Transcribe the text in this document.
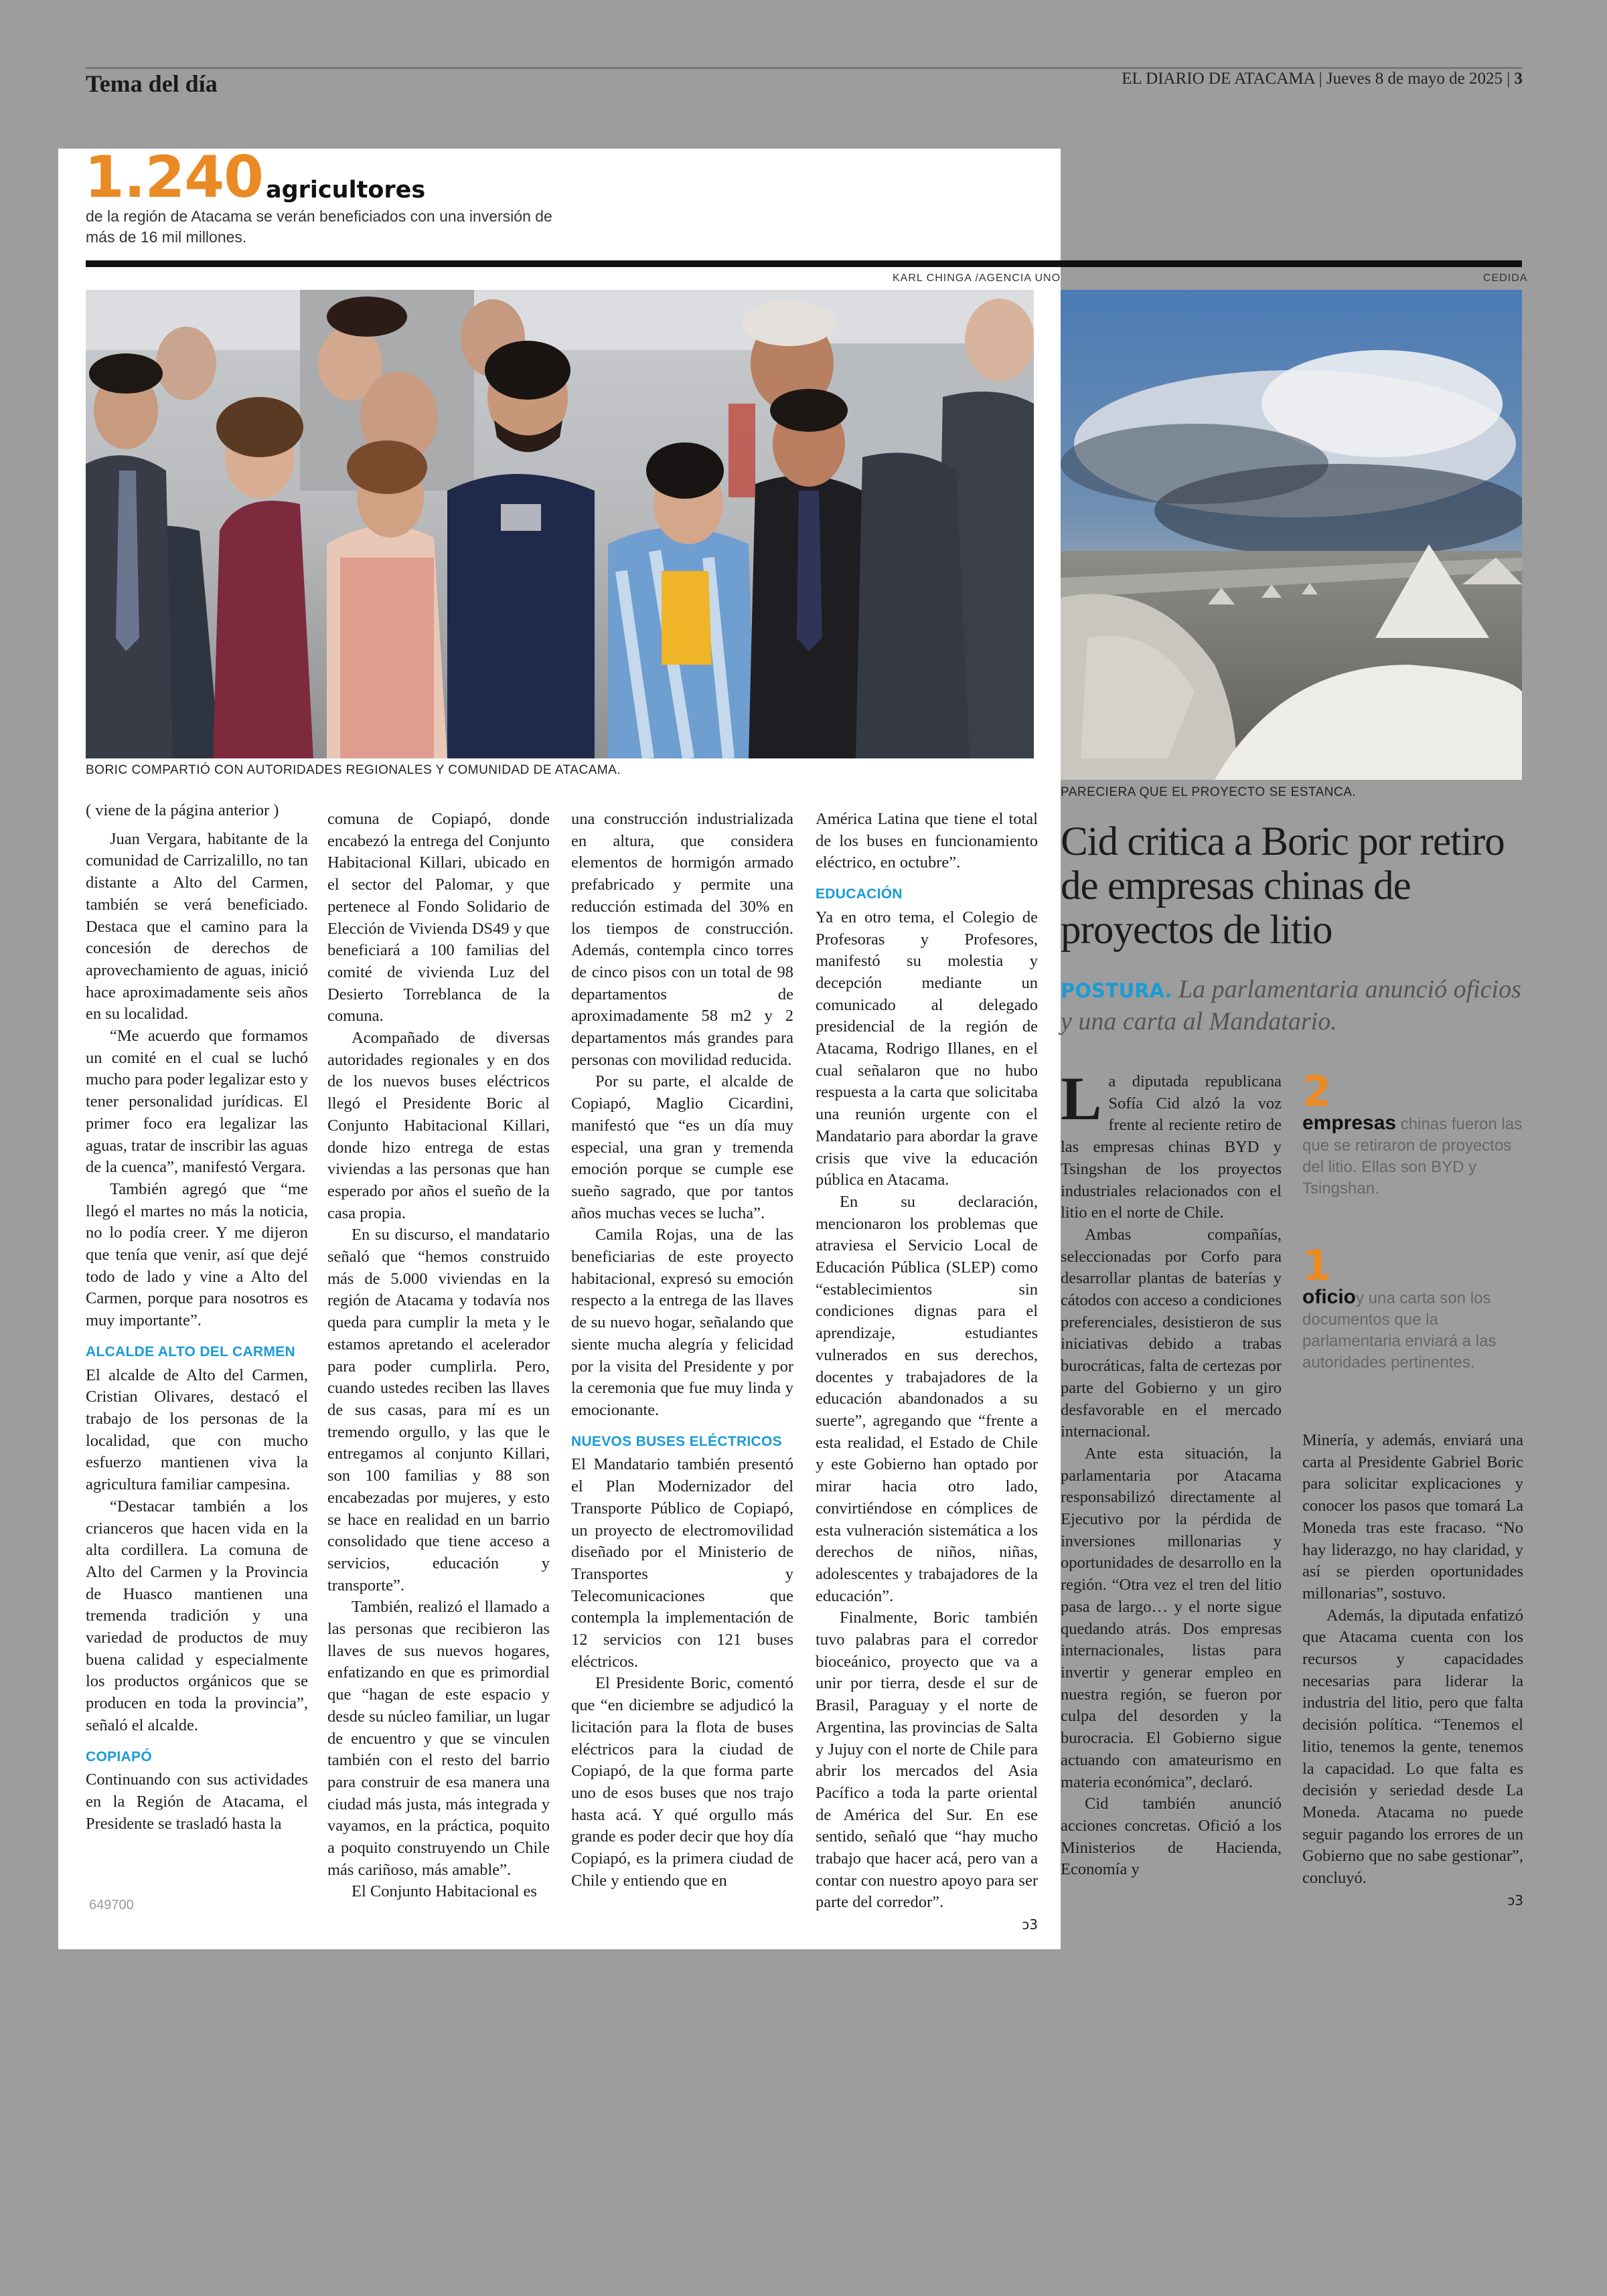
Tema del día	EL DIARIO DE ATACAMA | Jueves 8 de mayo de 2025 | 3
1.240 agricultores
de la región de Atacama se verán beneficiados con una inversión de más de 16 mil millones.
KARL CHINGA /AGENCIA UNO
BORIC COMPARTIÓ CON AUTORIDADES REGIONALES Y COMUNIDAD DE ATACAMA.
CEDIDA
PARECIERA QUE EL PROYECTO SE ESTANCA.

( viene de la página anterior )

Juan Vergara, habitante de la comunidad de Carrizalillo, no tan distante a Alto del Carmen, también se verá beneficiado. Destaca que el camino para la concesión de derechos de aprovechamiento de aguas, inició hace aproximadamente seis años en su localidad.

“Me acuerdo que formamos un comité en el cual se luchó mucho para poder legalizar esto y tener personalidad jurídicas. El primer foco era legalizar las aguas, tratar de inscribir las aguas de la cuenca”, manifestó Vergara.

También agregó que “me llegó el martes no más la noticia, no lo podía creer. Y me dijeron que tenía que venir, así que dejé todo de lado y vine a Alto del Carmen, porque para nosotros es muy importante”.

ALCALDE ALTO DEL CARMEN

El alcalde de Alto del Carmen, Cristian Olivares, destacó el trabajo de los personas de la localidad, que con mucho esfuerzo mantienen viva la agricultura familiar campesina.

“Destacar también a los crianceros que hacen vida en la alta cordillera. La comuna de Alto del Carmen y la Provincia de Huasco mantienen una tremenda tradición y una variedad de productos de muy buena calidad y especialmente los productos orgánicos que se producen en toda la provincia”, señaló el alcalde.

COPIAPÓ

Continuando con sus actividades en la Región de Atacama, el Presidente se trasladó hasta la

comuna de Copiapó, donde encabezó la entrega del Conjunto Habitacional Killari, ubicado en el sector del Palomar, y que pertenece al Fondo Solidario de Elección de Vivienda DS49 y que beneficiará a 100 familias del comité de vivienda Luz del Desierto Torreblanca de la comuna.

Acompañado de diversas autoridades regionales y en dos de los nuevos buses eléctricos llegó el Presidente Boric al Conjunto Habitacional Killari, donde hizo entrega de estas viviendas a las personas que han esperado por años el sueño de la casa propia.

En su discurso, el mandatario señaló que “hemos construido más de 5.000 viviendas en la región de Atacama y todavía nos queda para cumplir la meta y le estamos apretando el acelerador para poder cumplirla. Pero, cuando ustedes reciben las llaves de sus casas, para mí es un tremendo orgullo, y las que le entregamos al conjunto Killari, son 100 familias y 88 son encabezadas por mujeres, y esto se hace en realidad en un barrio consolidado que tiene acceso a servicios, educación y transporte”.

También, realizó el llamado a las personas que recibieron las llaves de sus nuevos hogares, enfatizando en que es primordial que “hagan de este espacio y desde su núcleo familiar, un lugar de encuentro y que se vinculen también con el resto del barrio para construir de esa manera una ciudad más justa, más integrada y vayamos, en la práctica, poquito a poquito construyendo un Chile más cariñoso, más amable”.

El Conjunto Habitacional es

una construcción industrializada en altura, que considera elementos de hormigón armado prefabricado y permite una reducción estimada del 30% en los tiempos de construcción. Además, contempla cinco torres de cinco pisos con un total de 98 departamentos de aproximadamente 58 m2 y 2 departamentos más grandes para personas con movilidad reducida.

Por su parte, el alcalde de Copiapó, Maglio Cicardini, manifestó que “es un día muy especial, una gran y tremenda emoción porque se cumple ese sueño sagrado, que por tantos años muchas veces se lucha”.

Camila Rojas, una de las beneficiarias de este proyecto habitacional, expresó su emoción respecto a la entrega de las llaves de su nuevo hogar, señalando que siente mucha alegría y felicidad por la visita del Presidente y por la ceremonia que fue muy linda y emocionante.

NUEVOS BUSES ELÉCTRICOS

El Mandatario también presentó el Plan Modernizador del Transporte Público de Copiapó, un proyecto de electromovilidad diseñado por el Ministerio de Transportes y Telecomunicaciones que contempla la implementación de 12 servicios con 121 buses eléctricos.

El Presidente Boric, comentó que “en diciembre se adjudicó la licitación para la flota de buses eléctricos para la ciudad de Copiapó, de la que forma parte uno de esos buses que nos trajo hasta acá. Y qué orgullo más grande es poder decir que hoy día Copiapó, es la primera ciudad de Chile y entiendo que en

América Latina que tiene el total de los buses en funcionamiento eléctrico, en octubre”.

EDUCACIÓN

Ya en otro tema, el Colegio de Profesoras y Profesores, manifestó su molestia y decepción mediante un comunicado al delegado presidencial de la región de Atacama, Rodrigo Illanes, en el cual señalaron que no hubo respuesta a la carta que solicitaba una reunión urgente con el Mandatario para abordar la grave crisis que vive la educación pública en Atacama.

En su declaración, mencionaron los problemas que atraviesa el Servicio Local de Educación Pública (SLEP) como “establecimientos sin condiciones dignas para el aprendizaje, estudiantes vulnerados en sus derechos, docentes y trabajadores de la educación abandonados a su suerte”, agregando que “frente a esta realidad, el Estado de Chile y este Gobierno han optado por mirar hacia otro lado, convirtiéndose en cómplices de esta vulneración sistemática a los derechos de niños, niñas, adolescentes y trabajadores de la educación”.

Finalmente, Boric también tuvo palabras para el corredor bioceánico, proyecto que va a unir por tierra, desde el sur de Brasil, Paraguay y el norte de Argentina, las provincias de Salta y Jujuy con el norte de Chile para abrir los mercados del Asia Pacífico a toda la parte oriental de América del Sur. En ese sentido, señaló que “hay mucho trabajo que hacer acá, pero van a contar con nuestro apoyo para ser parte del corredor”.

ↄ3
649700
Cid critica a Boric por retiro de empresas chinas de proyectos de litio
POSTURA. La parlamentaria anunció oficios y una carta al Mandatario.

La diputada republicana Sofía Cid alzó la voz frente al reciente retiro de las empresas chinas BYD y Tsingshan de los proyectos industriales relacionados con el litio en el norte de Chile.

Ambas compañías, seleccionadas por Corfo para desarrollar plantas de baterías y cátodos con acceso a condiciones preferenciales, desistieron de sus iniciativas debido a trabas burocráticas, falta de certezas por parte del Gobierno y un giro desfavorable en el mercado internacional.

Ante esta situación, la parlamentaria por Atacama responsabilizó directamente al Ejecutivo por la pérdida de inversiones millonarias y oportunidades de desarrollo en la región. “Otra vez el tren del litio pasa de largo… y el norte sigue quedando atrás. Dos empresas internacionales, listas para invertir y generar empleo en nuestra región, se fueron por culpa del desorden y la burocracia. El Gobierno sigue actuando con amateurismo en materia económica”, declaró.

Cid también anunció acciones concretas. Ofició a los Ministerios de Hacienda, Economía y

2
empresas chinas fueron las que se retiraron de proyectos del litio. Ellas son BYD y Tsingshan.
1
oficioy una carta son los documentos que la parlamentaria enviará a las autoridades pertinentes.

Minería, y además, enviará una carta al Presidente Gabriel Boric para solicitar explicaciones y conocer los pasos que tomará La Moneda tras este fracaso. “No hay liderazgo, no hay claridad, y así se pierden oportunidades millonarias”, sostuvo.

Además, la diputada enfatizó que Atacama cuenta con los recursos y capacidades necesarias para liderar la industria del litio, pero que falta decisión política. “Tenemos el litio, tenemos la gente, tenemos la capacidad. Lo que falta es decisión y seriedad desde La Moneda. Atacama no puede seguir pagando los errores de un Gobierno que no sabe gestionar”, concluyó.

ↄ3
